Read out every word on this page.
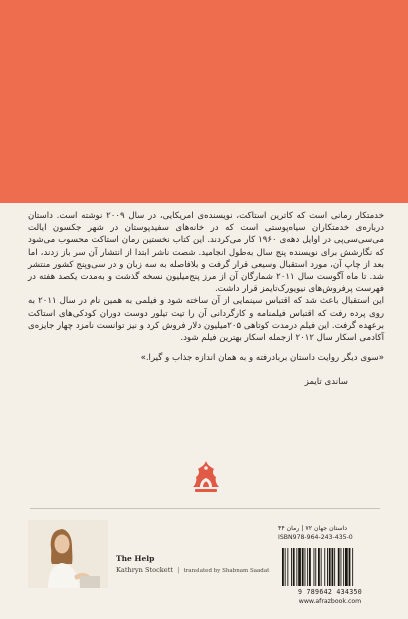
خدمتکار رمانی است که کاترین استاکت، نویسنده‌ی امریکایی، در سال ۲۰۰۹ نوشته است. داستان درباره‌ی خدمتکاران سیاه‌پوستی است که در خانه‌های سفیدپوستان در شهر جکسون ایالت می‌سی‌سی‌پی در اوایل دهه‌ی ۱۹۶۰ کار می‌کردند. این کتاب نخستین رمان استاکت محسوب می‌شود که نگارشش برای نویسنده پنج سال به‌طول انجامید. شصت ناشر ابتدا از انتشار آن سر باز زدند، اما بعد از چاپ آن، مورد استقبال وسیعی قرار گرفت و بلافاصله به سه زبان و در سی‌وپنج کشور منتشر شد. تا ماه آگوست سال ۲۰۱۱ شمارگان آن از مرز پنج‌میلیون نسخه گذشت و به‌مدت یکصد هفته در فهرست پرفروش‌های نیویورک‌تایمز قرار داشت.

این استقبال باعث شد که اقتباس سینمایی از آن ساخته شود و فیلمی به همین نام در سال ۲۰۱۱ به روی پرده رفت که اقتباس فیلمنامه و کارگردانی آن را تیت تیلور دوست دوران کودکی‌های استاکت برعهده گرفت. این فیلم درمدت کوتاهی ۲۰۵میلیون دلار فروش کرد و نیز توانست نامزد چهار جایزه‌ی آکادمی اسکار سال ۲۰۱۲ ازجمله اسکار بهترین فیلم شود.

«سوی دیگر روایت داستان برباد‌رفته و به همان اندازه جذاب و گیرا.»

ساندی تایمز

The Help
Kathryn Stockett | translated by Shabnam Saadat
داستان جهان ۷۲ | رمان ۴۴
ISBN978-964-243-435-0
9 789642 434350
www.afrazbook.com
